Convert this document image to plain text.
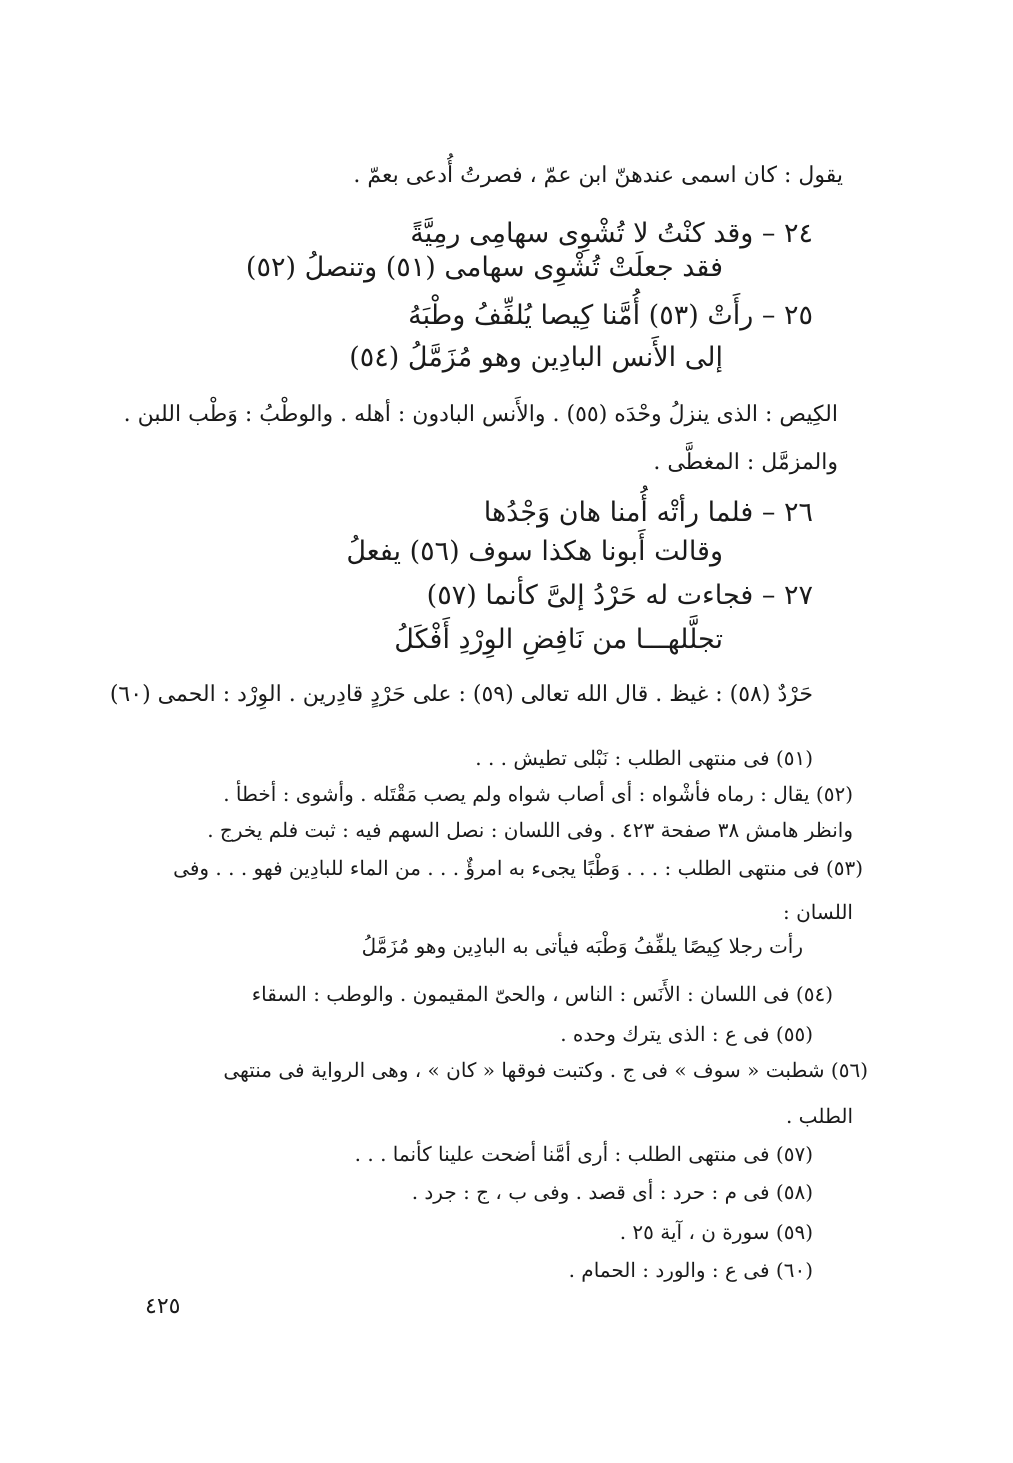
يقول : كان اسمى عندهنّ ابن عمّ ، فصرتُ أُدعى بعمّ .
٢٤ – وقد كنْتُ لا تُشْوِى سهامِى رمِيَّةً
فقد جعلَتْ تُشْوِى سهامى (٥١) وتنصلُ (٥٢)
٢٥ – رأَتْ (٥٣) أُمَّنا كِيصا يُلفِّفُ وطْبَهُ
إلى الأَنس البادِين وهو مُزَمَّلُ (٥٤)
الكِيص : الذى ينزلُ وحْدَه (٥٥) . والأَنس البادون : أهله . والوطْبُ : وَطْب اللبن .
والمزمَّل : المغطَّى .
٢٦ – فلما رأتْه أُمنا هان وَجْدُها
وقالت أَبونا هكذا سوف (٥٦) يفعلُ
٢٧ – فجاءت له حَرْدُ إلىَّ كأنما (٥٧)
تجلَّلهـــا من نَافِضِ الوِرْدِ أَفْكَلُ
حَرْدٌ (٥٨) : غيظ . قال الله تعالى (٥٩) : على حَرْدٍ قادِرين . الوِرْد : الحمى (٦٠)
(٥١) فى منتهى الطلب : نَبْلى تطيش . . .
(٥٢) يقال : رماه فأشْواه : أى أصاب شواه ولم يصب مَقْتَله . وأشوى : أخطأ .
وانظر هامش ٣٨ صفحة ٤٢٣ . وفى اللسان : نصل السهم فيه : ثبت فلم يخرج .
(٥٣) فى منتهى الطلب : . . . وَطْبًا يجىء به امرؤٌ . . . من الماء للبادِين فهو . . . وفى
اللسان :
رأت رجلا كِيصًا يلفِّفُ وَطْبَه فيأتى به البادِين وهو مُزَمَّلُ
(٥٤) فى اللسان : الأَنَس : الناس ، والحىّ المقيمون . والوطب : السقاء
(٥٥) فى ع : الذى يترك وحده .
(٥٦) شطبت « سوف » فى ج . وكتبت فوقها « كان » ، وهى الرواية فى منتهى
الطلب .
(٥٧) فى منتهى الطلب : أرى أمَّنا أضحت علينا كأنما . . .
(٥٨) فى م : حرد : أى قصد . وفى ب ، ج : جرد .
(٥٩) سورة ن ، آية ٢٥ .
(٦٠) فى ع : والورد : الحمام .
٤٢٥
